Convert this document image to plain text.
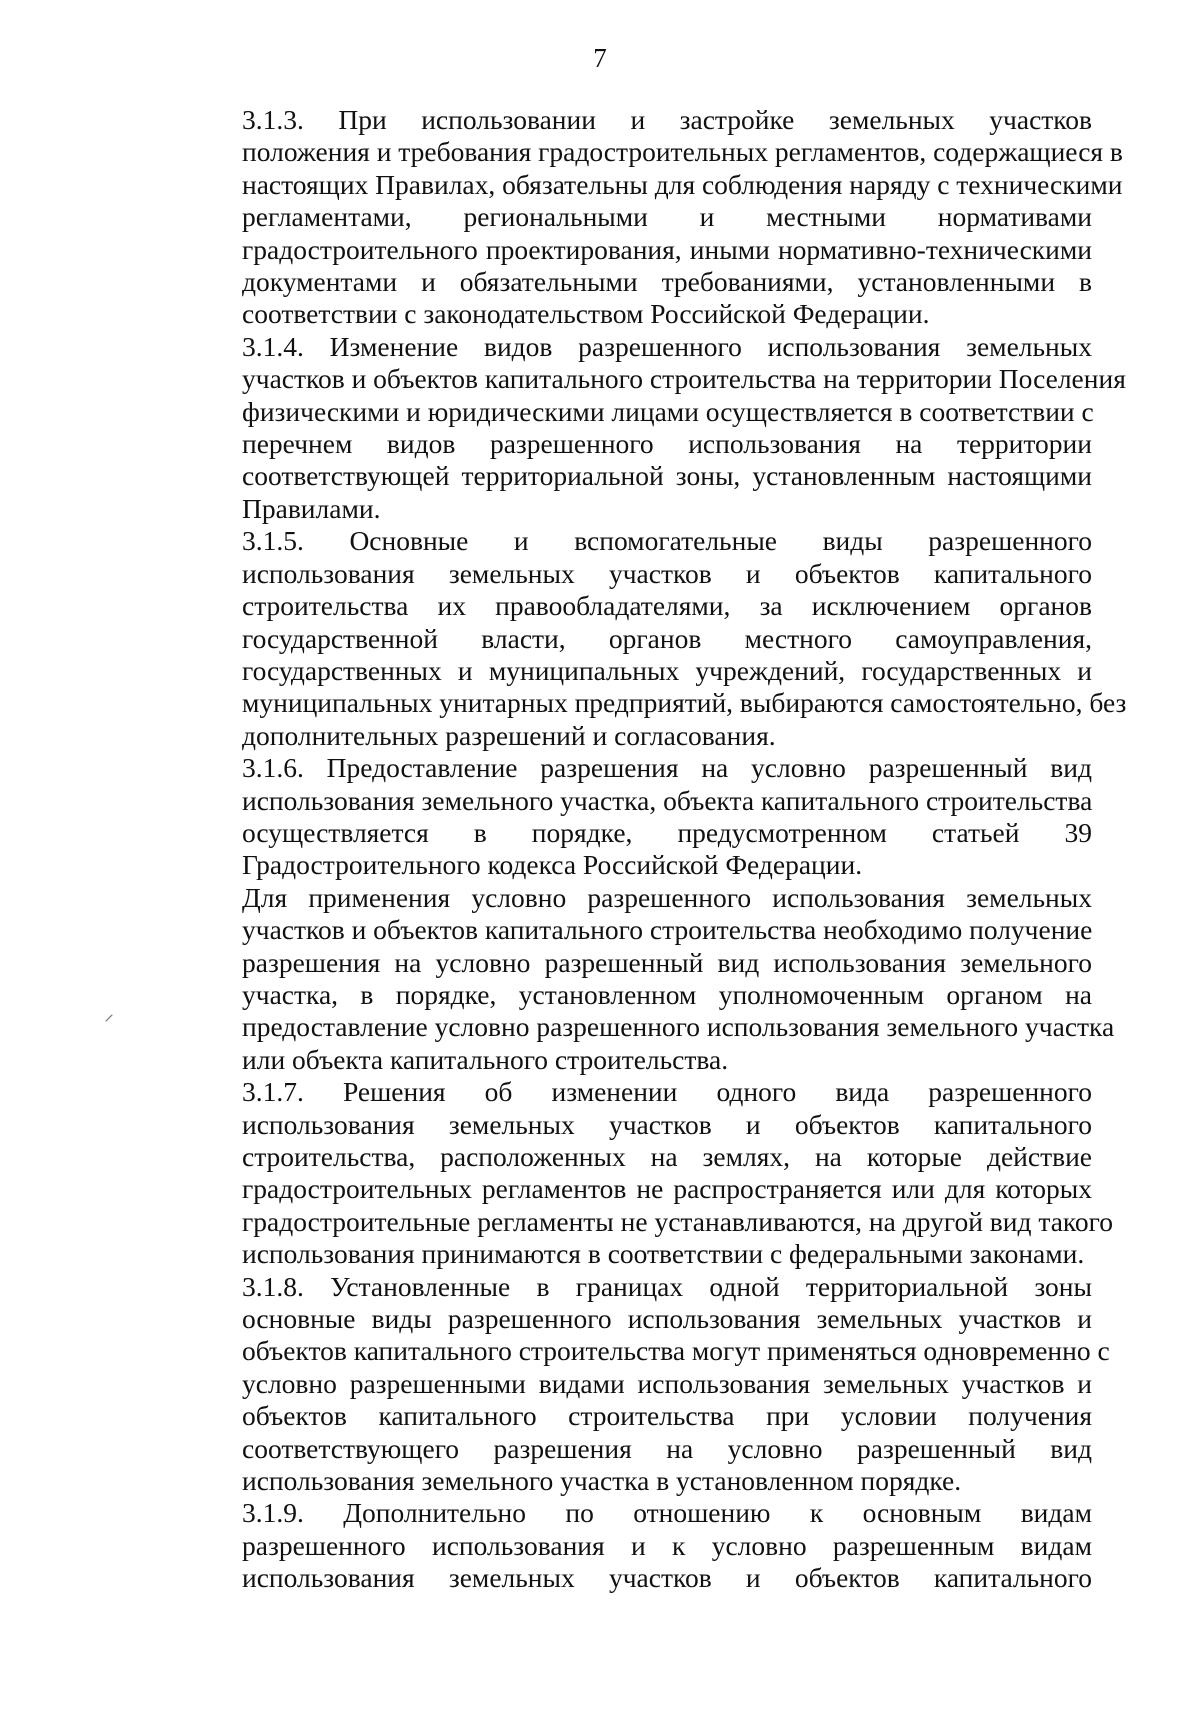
7

3.1.3. При использовании и застройке земельных участков
положения и требования градостроительных регламентов, содержащиеся в
настоящих Правилах, обязательны для соблюдения наряду с техническими
регламентами, региональными и местными нормативами
градостроительного проектирования, иными нормативно-техническими
документами и обязательными требованиями, установленными в
соответствии с законодательством Российской Федерации.

3.1.4. Изменение видов разрешенного использования земельных
участков и объектов капитального строительства на территории Поселения
физическими и юридическими лицами осуществляется в соответствии с
перечнем видов разрешенного использования на территории
соответствующей территориальной зоны, установленным настоящими
Правилами.

3.1.5. Основные и вспомогательные виды разрешенного
использования земельных участков и объектов капитального
строительства их правообладателями, за исключением органов
государственной власти, органов местного самоуправления,
государственных и муниципальных учреждений, государственных и
муниципальных унитарных предприятий, выбираются самостоятельно, без
дополнительных разрешений и согласования.

3.1.6. Предоставление разрешения на условно разрешенный вид
использования земельного участка, объекта капитального строительства
осуществляется в порядке, предусмотренном статьей 39
Градостроительного кодекса Российской Федерации.

Для применения условно разрешенного использования земельных
участков и объектов капитального строительства необходимо получение
разрешения на условно разрешенный вид использования земельного
участка, в порядке, установленном уполномоченным органом на
предоставление условно разрешенного использования земельного участка
или объекта капитального строительства.

3.1.7. Решения об изменении одного вида разрешенного
использования земельных участков и объектов капитального
строительства, расположенных на землях, на которые действие
градостроительных регламентов не распространяется или для которых
градостроительные регламенты не устанавливаются, на другой вид такого
использования принимаются в соответствии с федеральными законами.

3.1.8. Установленные в границах одной территориальной зоны
основные виды разрешенного использования земельных участков и
объектов капитального строительства могут применяться одновременно с
условно разрешенными видами использования земельных участков и
объектов капитального строительства при условии получения
соответствующего разрешения на условно разрешенный вид
использования земельного участка в установленном порядке.

3.1.9. Дополнительно по отношению к основным видам
разрешенного использования и к условно разрешенным видам
использования земельных участков и объектов капитального
